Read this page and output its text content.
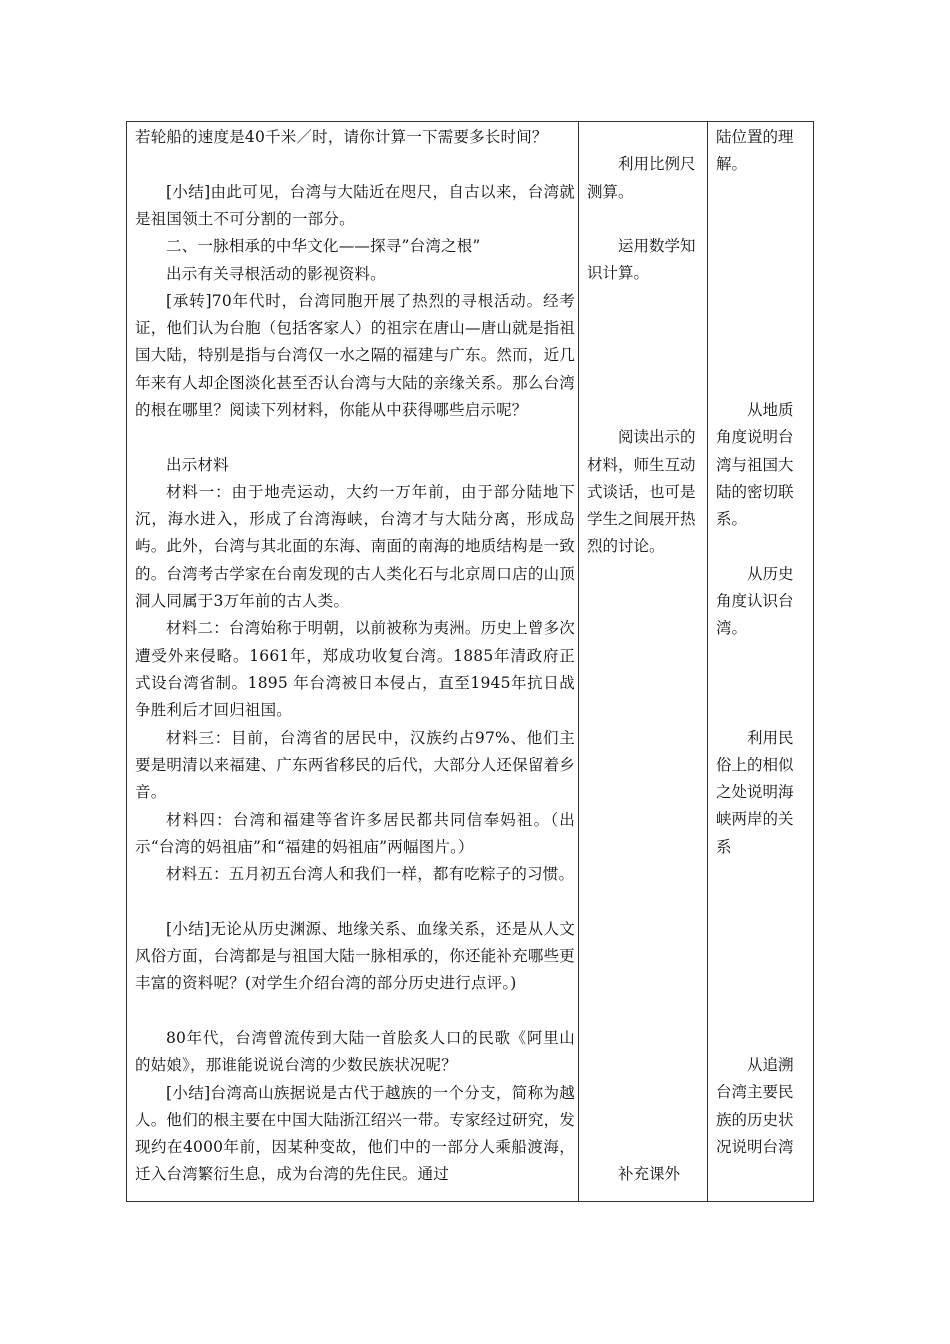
若轮船的速度是40千米／时，请你计算一下需要多长时间？

[小结]由此可见，台湾与大陆近在咫尺，自古以来，台湾就是祖国领土不可分割的一部分。

二、一脉相承的中华文化——探寻”台湾之根”

出示有关寻根活动的影视资料。

[承转]70年代时，台湾同胞开展了热烈的寻根活动。经考证，他们认为台胞（包括客家人）的祖宗在唐山—唐山就是指祖国大陆，特别是指与台湾仅一水之隔的福建与广东。然而，近几年来有人却企图淡化甚至否认台湾与大陆的亲缘关系。那么台湾的根在哪里？阅读下列材料，你能从中获得哪些启示呢？

出示材料

材料一：由于地壳运动，大约一万年前，由于部分陆地下沉，海水进入，形成了台湾海峡，台湾才与大陆分离，形成岛屿。此外，台湾与其北面的东海、南面的南海的地质结构是一致的。台湾考古学家在台南发现的古人类化石与北京周口店的山顶洞人同属于3万年前的古人类。

材料二：台湾始称于明朝，以前被称为夷洲。历史上曾多次遭受外来侵略。1661年，郑成功收复台湾。1885年清政府正式设台湾省制。1895 年台湾被日本侵占，直至1945年抗日战争胜利后才回归祖国。

材料三：目前，台湾省的居民中，汉族约占97%、他们主要是明清以来福建、广东两省移民的后代，大部分人还保留着乡音。

材料四：台湾和福建等省许多居民都共同信奉妈祖。（出示“台湾的妈祖庙”和“福建的妈祖庙”两幅图片。）

材料五：五月初五台湾人和我们一样，都有吃粽子的习惯。

[小结]无论从历史渊源、地缘关系、血缘关系，还是从人文风俗方面，台湾都是与祖国大陆一脉相承的，你还能补充哪些更丰富的资料呢？(对学生介绍台湾的部分历史进行点评。)

80年代，台湾曾流传到大陆一首脍炙人口的民歌《阿里山的姑娘》，那谁能说说台湾的少数民族状况呢？

[小结]台湾高山族据说是古代于越族的一个分支，简称为越人。他们的根主要在中国大陆浙江绍兴一带。专家经过研究，发现约在4000年前，因某种变故，他们中的一部分人乘船渡海，迁入台湾繁衍生息，成为台湾的先住民。通过

利用比例尺测算。

运用数学知识计算。

阅读出示的材料，师生互动式谈话，也可是学生之间展开热烈的讨论。

补充课外

陆位置的理解。

从地质角度说明台湾与祖国大陆的密切联系。

从历史角度认识台湾。

利用民俗上的相似之处说明海峡两岸的关系

从追溯台湾主要民族的历史状况说明台湾
